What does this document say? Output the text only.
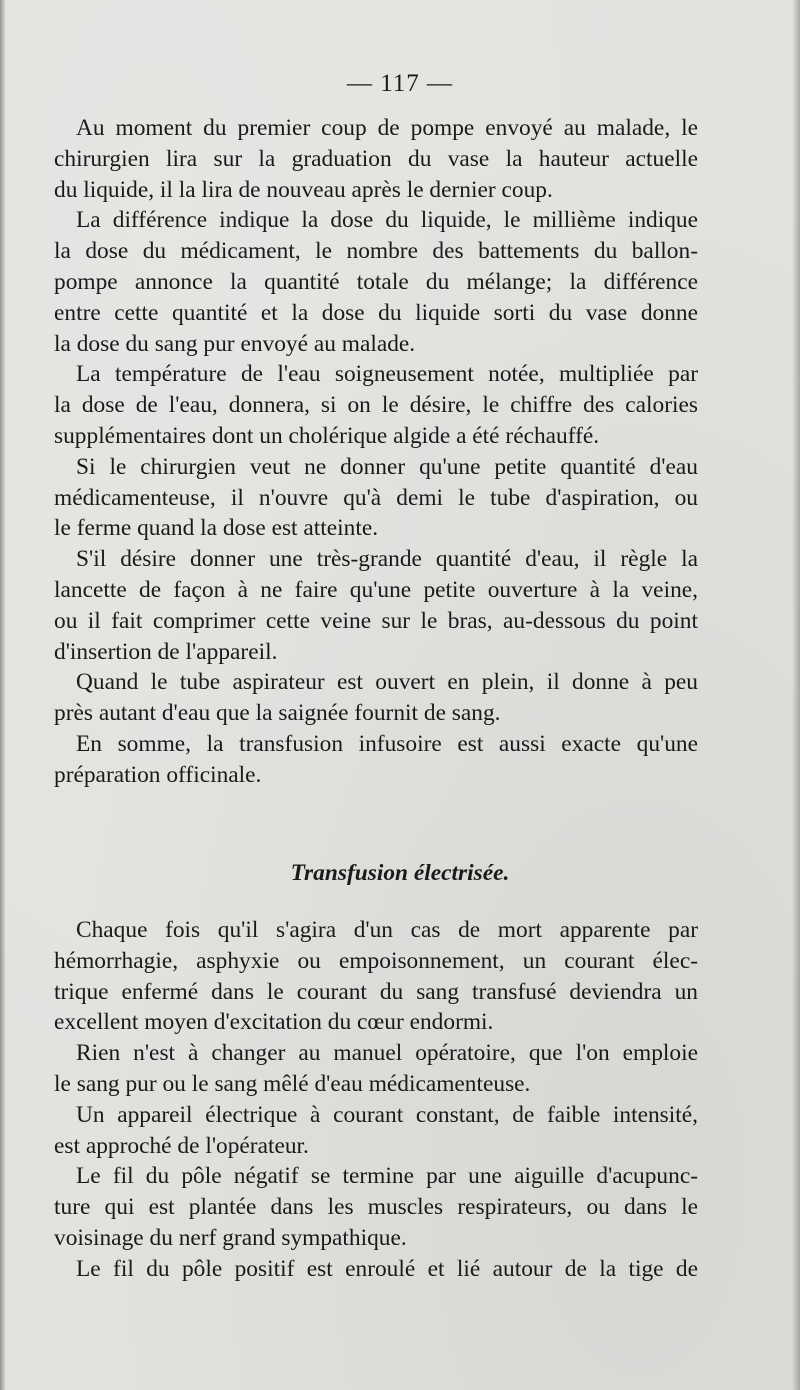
— 117 —
Au moment du premier coup de pompe envoyé au malade, le
chirurgien lira sur la graduation du vase la hauteur actuelle
du liquide, il la lira de nouveau après le dernier coup.
La différence indique la dose du liquide, le millième indique
la dose du médicament, le nombre des battements du ballon-
pompe annonce la quantité totale du mélange; la différence
entre cette quantité et la dose du liquide sorti du vase donne
la dose du sang pur envoyé au malade.
La température de l'eau soigneusement notée, multipliée par
la dose de l'eau, donnera, si on le désire, le chiffre des calories
supplémentaires dont un cholérique algide a été réchauffé.
Si le chirurgien veut ne donner qu'une petite quantité d'eau
médicamenteuse, il n'ouvre qu'à demi le tube d'aspiration, ou
le ferme quand la dose est atteinte.
S'il désire donner une très-grande quantité d'eau, il règle la
lancette de façon à ne faire qu'une petite ouverture à la veine,
ou il fait comprimer cette veine sur le bras, au-dessous du point
d'insertion de l'appareil.
Quand le tube aspirateur est ouvert en plein, il donne à peu
près autant d'eau que la saignée fournit de sang.
En somme, la transfusion infusoire est aussi exacte qu'une
préparation officinale.
Transfusion électrisée.
Chaque fois qu'il s'agira d'un cas de mort apparente par
hémorrhagie, asphyxie ou empoisonnement, un courant élec-
trique enfermé dans le courant du sang transfusé deviendra un
excellent moyen d'excitation du cœur endormi.
Rien n'est à changer au manuel opératoire, que l'on emploie
le sang pur ou le sang mêlé d'eau médicamenteuse.
Un appareil électrique à courant constant, de faible intensité,
est approché de l'opérateur.
Le fil du pôle négatif se termine par une aiguille d'acupunc-
ture qui est plantée dans les muscles respirateurs, ou dans le
voisinage du nerf grand sympathique.
Le fil du pôle positif est enroulé et lié autour de la tige de
